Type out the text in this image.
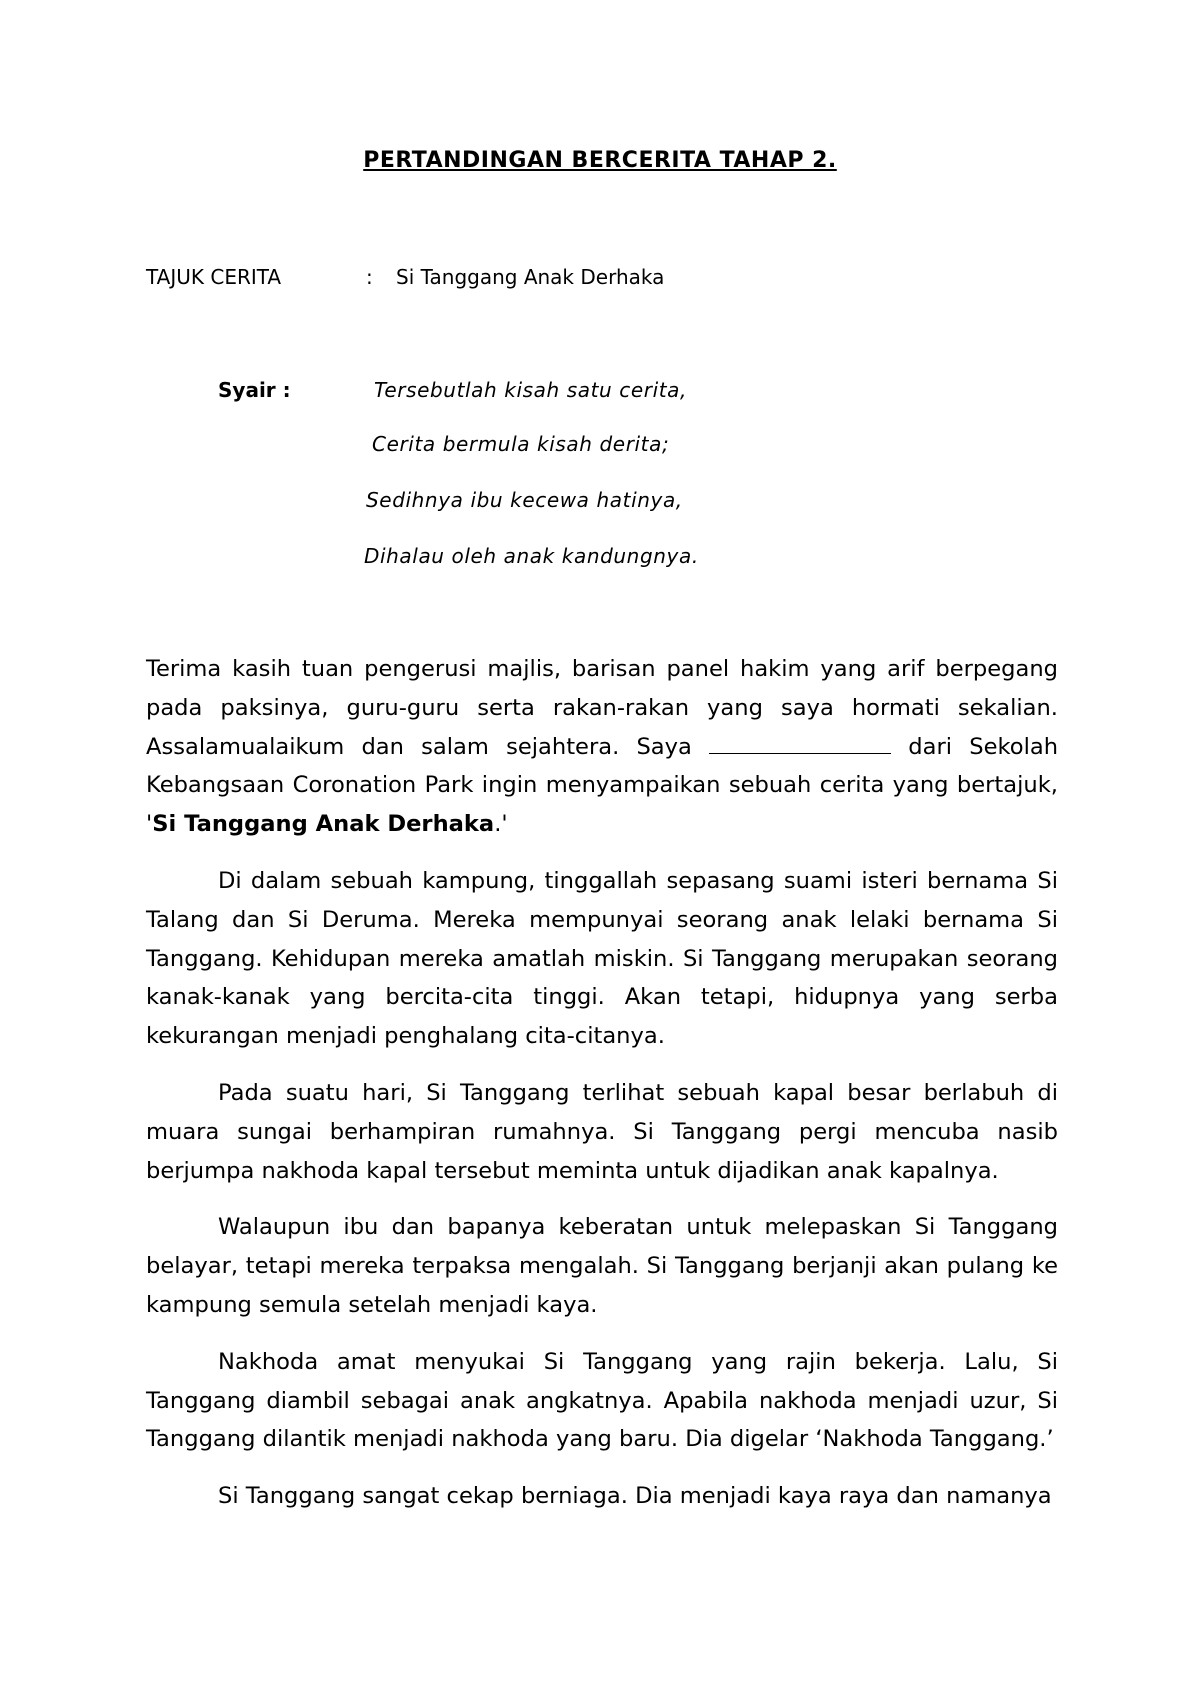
PERTANDINGAN BERCERITA TAHAP 2.
TAJUK CERITA	: Si Tanggang Anak Derhaka
Syair :	Tersebutlah kisah satu cerita,
Cerita bermula kisah derita;
Sedihnya ibu kecewa hatinya,
Dihalau oleh anak kandungnya.

Terima kasih tuan pengerusi majlis, barisan panel hakim yang arif berpegang pada paksinya, guru-guru serta rakan-rakan yang saya hormati sekalian. Assalamualaikum dan salam sejahtera. Saya	dari Sekolah Kebangsaan Coronation Park ingin menyampaikan sebuah cerita yang bertajuk, 'Si Tanggang Anak Derhaka.'

Di dalam sebuah kampung, tinggallah sepasang suami isteri bernama Si Talang dan Si Deruma. Mereka mempunyai seorang anak lelaki bernama Si Tanggang. Kehidupan mereka amatlah miskin. Si Tanggang merupakan seorang kanak-kanak yang bercita-cita tinggi. Akan tetapi, hidupnya yang serba kekurangan menjadi penghalang cita-citanya.

Pada suatu hari, Si Tanggang terlihat sebuah kapal besar berlabuh di muara sungai berhampiran rumahnya. Si Tanggang pergi mencuba nasib berjumpa nakhoda kapal tersebut meminta untuk dijadikan anak kapalnya.

Walaupun ibu dan bapanya keberatan untuk melepaskan Si Tanggang belayar, tetapi mereka terpaksa mengalah. Si Tanggang berjanji akan pulang ke kampung semula setelah menjadi kaya.

Nakhoda amat menyukai Si Tanggang yang rajin bekerja. Lalu, Si Tanggang diambil sebagai anak angkatnya. Apabila nakhoda menjadi uzur, Si Tanggang dilantik menjadi nakhoda yang baru. Dia digelar ‘Nakhoda Tanggang.’

Si Tanggang sangat cekap berniaga. Dia menjadi kaya raya dan namanya
